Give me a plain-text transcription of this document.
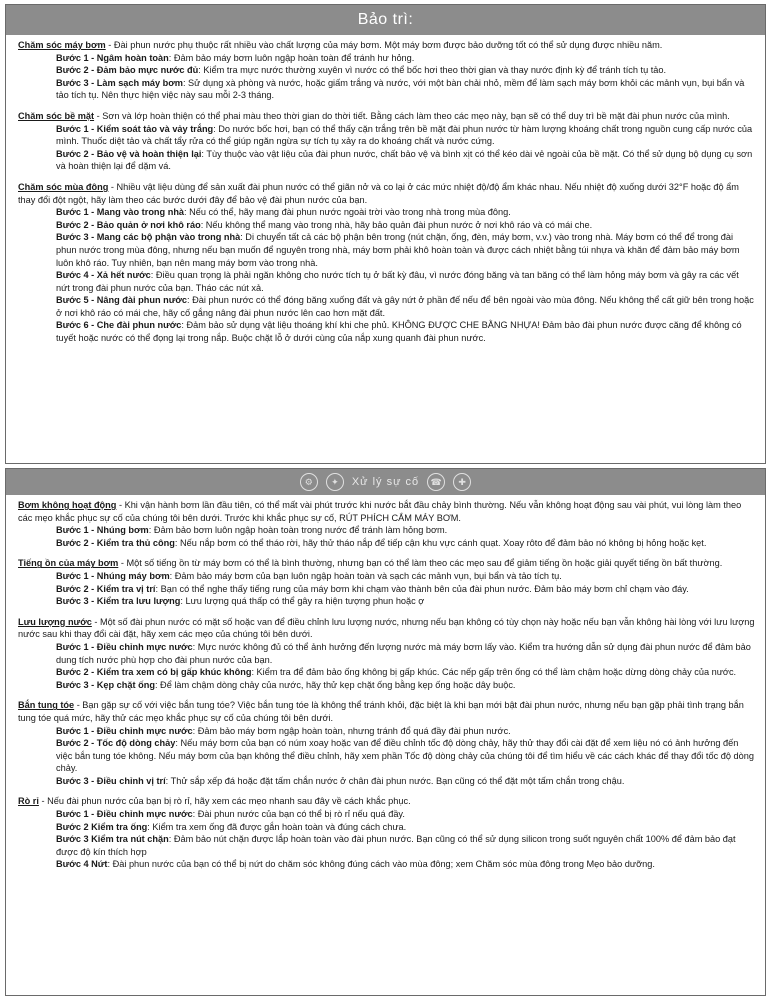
Bảo trì:

Chăm sóc máy bơm - Đài phun nước phụ thuộc rất nhiều vào chất lượng của máy bơm. Một máy bơm được bảo dưỡng tốt có thể sử dụng được nhiều năm.

Bước 1 - Ngâm hoàn toàn: Đảm bảo máy bơm luôn ngập hoàn toàn để tránh hư hỏng.

Bước 2 - Đảm bảo mực nước đủ: Kiểm tra mực nước thường xuyên vì nước có thể bốc hơi theo thời gian và thay nước định kỳ để tránh tích tụ tảo.

Bước 3 - Làm sạch máy bơm: Sử dụng xà phòng và nước, hoặc giấm trắng và nước, với một bàn chải nhỏ, mềm để làm sạch máy bơm khỏi các mảnh vụn, bụi bẩn và tảo tích tụ. Nên thực hiện việc này sau mỗi 2-3 tháng.

Chăm sóc bề mặt - Sơn và lớp hoàn thiện có thể phai màu theo thời gian do thời tiết. Bằng cách làm theo các mẹo này, bạn sẽ có thể duy trì bề mặt đài phun nước của mình.

Bước 1 - Kiểm soát tảo và vảy trắng: Do nước bốc hơi, bạn có thể thấy cặn trắng trên bề mặt đài phun nước từ hàm lượng khoáng chất trong nguồn cung cấp nước của mình. Thuốc diệt tảo và chất tẩy rửa có thể giúp ngăn ngừa sự tích tụ xảy ra do khoáng chất và nước cứng.

Bước 2 - Bảo vệ và hoàn thiện lại: Tùy thuộc vào vật liệu của đài phun nước, chất bảo vệ và bình xịt có thể kéo dài vẻ ngoài của bề mặt. Có thể sử dụng bộ dụng cụ sơn và hoàn thiện lại để dặm vá.

Chăm sóc mùa đông - Nhiều vật liệu dùng để sản xuất đài phun nước có thể giãn nở và co lại ở các mức nhiệt độ/độ ẩm khác nhau. Nếu nhiệt độ xuống dưới 32°F hoặc độ ẩm thay đổi đột ngột, hãy làm theo các bước dưới đây để bảo vệ đài phun nước của bạn.

Bước 1 - Mang vào trong nhà: Nếu có thể, hãy mang đài phun nước ngoài trời vào trong nhà trong mùa đông.

Bước 2 - Bảo quản ở nơi khô ráo: Nếu không thể mang vào trong nhà, hãy bảo quản đài phun nước ở nơi khô ráo và có mái che.

Bước 3 - Mang các bộ phận vào trong nhà: Di chuyển tất cả các bộ phận bên trong (nút chặn, ống, đèn, máy bơm, v.v.) vào trong nhà. Máy bơm có thể để trong đài phun nước trong mùa đông, nhưng nếu bạn muốn để nguyên trong nhà, máy bơm phải khô hoàn toàn và được cách nhiệt bằng túi nhựa và khăn để đảm bảo máy bơm luôn khô ráo. Tuy nhiên, bạn nên mang máy bơm vào trong nhà.

Bước 4 - Xả hết nước: Điều quan trọng là phải ngăn không cho nước tích tụ ở bất kỳ đâu, vì nước đóng băng và tan băng có thể làm hỏng máy bơm và gây ra các vết nứt trong đài phun nước của bạn. Tháo các nút xả.

Bước 5 - Nâng đài phun nước: Đài phun nước có thể đóng băng xuống đất và gây nứt ở phần đế nếu để bên ngoài vào mùa đông. Nếu không thể cất giữ bên trong hoặc ở nơi khô ráo có mái che, hãy cố gắng nâng đài phun nước lên cao hơn mặt đất.

Bước 6 - Che đài phun nước: Đảm bảo sử dụng vật liệu thoáng khí khi che phủ. KHÔNG ĐƯỢC CHE BẰNG NHỰA! Đảm bảo đài phun nước được căng để không có tuyết hoặc nước có thể đọng lại trong nắp. Buộc chặt lỗ ở dưới cùng của nắp xung quanh đài phun nước.

⚙	✦	Xử lý sự cố	☎	✚

Bơm không hoạt động - Khi vận hành bơm lần đầu tiên, có thể mất vài phút trước khi nước bắt đầu chảy bình thường. Nếu vẫn không hoạt động sau vài phút, vui lòng làm theo các mẹo khắc phục sự cố của chúng tôi bên dưới. Trước khi khắc phục sự cố, RÚT PHÍCH CẮM MÁY BƠM.

Bước 1 - Nhúng bơm: Đảm bảo bơm luôn ngập hoàn toàn trong nước để tránh làm hỏng bơm.

Bước 2 - Kiểm tra thủ công: Nếu nắp bơm có thể tháo rời, hãy thử tháo nắp để tiếp cận khu vực cánh quạt. Xoay rôto để đảm bảo nó không bị hỏng hoặc kẹt.

Tiếng ồn của máy bơm - Một số tiếng ồn từ máy bơm có thể là bình thường, nhưng bạn có thể làm theo các mẹo sau để giảm tiếng ồn hoặc giải quyết tiếng ồn bất thường.

Bước 1 - Nhúng máy bơm: Đảm bảo máy bơm của bạn luôn ngập hoàn toàn và sạch các mảnh vụn, bụi bẩn và tảo tích tụ.

Bước 2 - Kiểm tra vị trí: Bạn có thể nghe thấy tiếng rung của máy bơm khi chạm vào thành bên của đài phun nước. Đảm bảo máy bơm chỉ chạm vào đáy.

Bước 3 - Kiểm tra lưu lượng: Lưu lượng quá thấp có thể gây ra hiện tượng phun hoặc ợ

Lưu lượng nước - Một số đài phun nước có mặt số hoặc van để điều chỉnh lưu lượng nước, nhưng nếu bạn không có tùy chọn này hoặc nếu bạn vẫn không hài lòng với lưu lượng nước sau khi thay đổi cài đặt, hãy xem các mẹo của chúng tôi bên dưới.

Bước 1 - Điều chỉnh mực nước: Mực nước không đủ có thể ảnh hưởng đến lượng nước mà máy bơm lấy vào. Kiểm tra hướng dẫn sử dụng đài phun nước để đảm bảo dung tích nước phù hợp cho đài phun nước của bạn.

Bước 2 - Kiểm tra xem có bị gấp khúc không: Kiểm tra để đảm bảo ống không bị gấp khúc. Các nếp gấp trên ống có thể làm chậm hoặc dừng dòng chảy của nước.

Bước 3 - Kẹp chặt ống: Để làm chậm dòng chảy của nước, hãy thử kẹp chặt ống bằng kẹp ống hoặc dây buộc.

Bắn tung tóe - Bạn gặp sự cố với việc bắn tung tóe? Việc bắn tung tóe là không thể tránh khỏi, đặc biệt là khi bạn mới bật đài phun nước, nhưng nếu bạn gặp phải tình trạng bắn tung tóe quá mức, hãy thử các mẹo khắc phục sự cố của chúng tôi bên dưới.

Bước 1 - Điều chỉnh mực nước: Đảm bảo máy bơm ngập hoàn toàn, nhưng tránh đổ quá đầy đài phun nước.

Bước 2 - Tốc độ dòng chảy: Nếu máy bơm của bạn có núm xoay hoặc van để điều chỉnh tốc độ dòng chảy, hãy thử thay đổi cài đặt để xem liệu nó có ảnh hưởng đến việc bắn tung tóe không. Nếu máy bơm của bạn không thể điều chỉnh, hãy xem phần Tốc độ dòng chảy của chúng tôi để tìm hiểu về các cách khác để thay đổi tốc độ dòng chảy.

Bước 3 - Điều chỉnh vị trí: Thử sắp xếp đá hoặc đặt tấm chắn nước ở chân đài phun nước. Bạn cũng có thể đặt một tấm chắn trong chậu.

Rò rỉ - Nếu đài phun nước của bạn bị rò rỉ, hãy xem các mẹo nhanh sau đây về cách khắc phục.

Bước 1 - Điều chỉnh mực nước: Đài phun nước của bạn có thể bị rò rỉ nếu quá đầy.

Bước 2 Kiểm tra ống: Kiểm tra xem ống đã được gắn hoàn toàn và đúng cách chưa.

Bước 3 Kiểm tra nút chặn: Đảm bảo nút chặn được lắp hoàn toàn vào đài phun nước. Bạn cũng có thể sử dụng silicon trong suốt nguyên chất 100% để đảm bảo đạt được độ kín thích hợp

Bước 4 Nứt: Đài phun nước của bạn có thể bị nứt do chăm sóc không đúng cách vào mùa đông; xem Chăm sóc mùa đông trong Mẹo bảo dưỡng.
